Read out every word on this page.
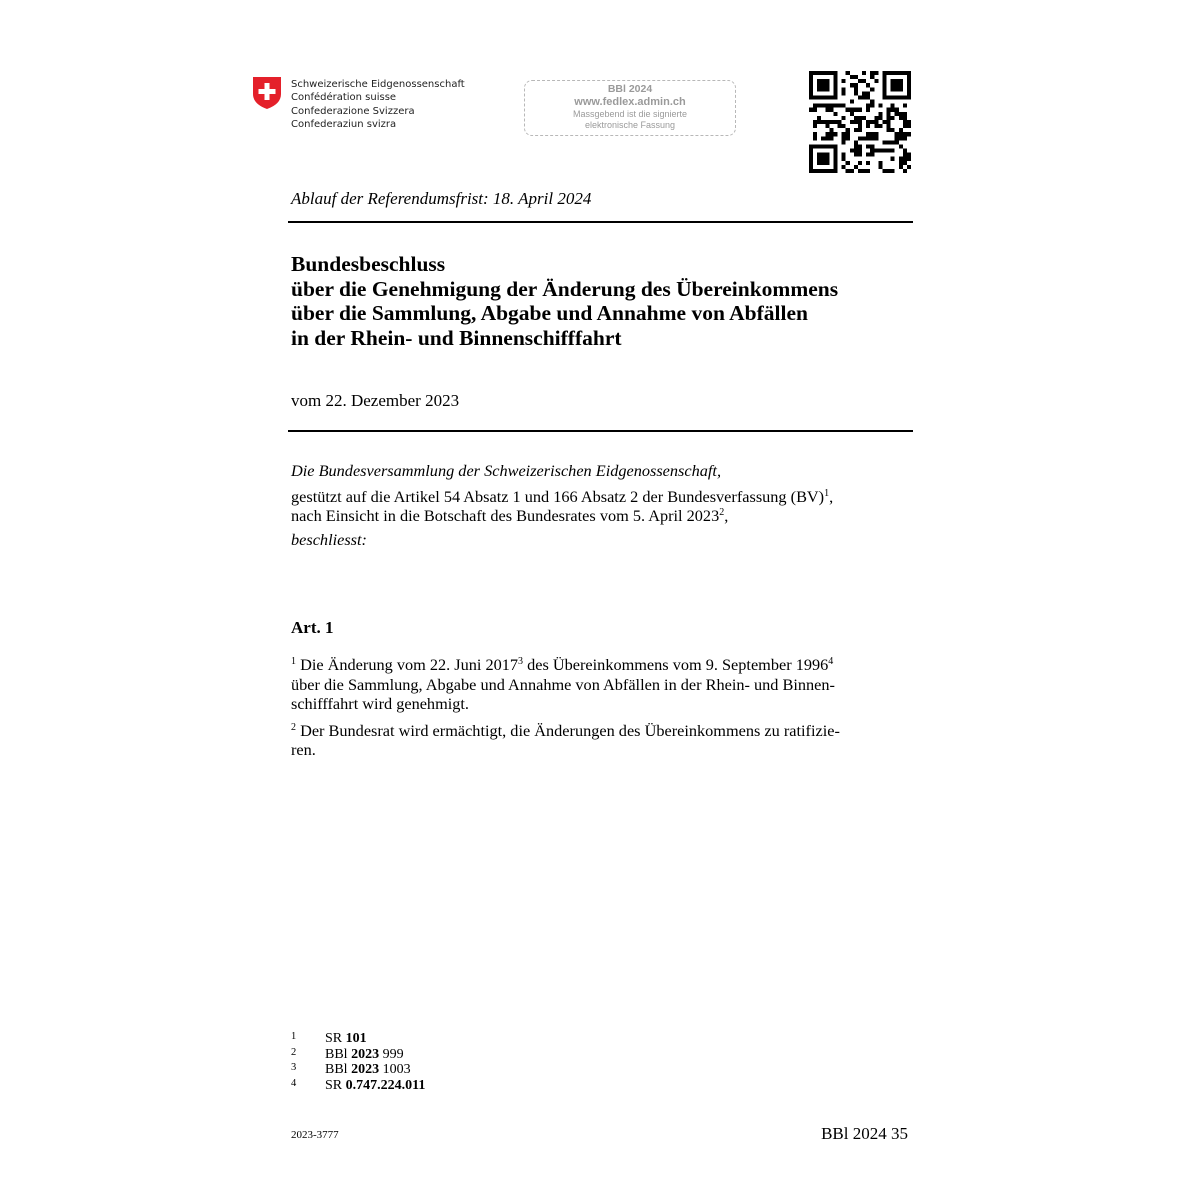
Schweizerische Eidgenossenschaft
Confédération suisse
Confederazione Svizzera
Confederaziun svizra
BBl 2024
www.fedlex.admin.ch
Massgebend ist die signierte
elektronische Fassung
Ablauf der Referendumsfrist: 18. April 2024
Bundesbeschluss
über die Genehmigung der Änderung des Übereinkommens
über die Sammlung, Abgabe und Annahme von Abfällen
in der Rhein- und Binnenschifffahrt
vom 22. Dezember 2023
Die Bundesversammlung der Schweizerischen Eidgenossenschaft,
gestützt auf die Artikel 54 Absatz 1 und 166 Absatz 2 der Bundesverfassung (BV)$^1$,
nach Einsicht in die Botschaft des Bundesrates vom 5. April 2023$^2$,
beschliesst:
Art. 1

$^1$ Die Änderung vom 22. Juni 2017$^3$ des Übereinkommens vom 9. September 1996$^4$
über die Sammlung, Abgabe und Annahme von Abfällen in der Rhein- und Binnen-
schifffahrt wird genehmigt.

$^2$ Der Bundesrat wird ermächtigt, die Änderungen des Übereinkommens zu ratifizie-
ren.

1	SR 101
2	BBl 2023 999
3	BBl 2023 1003
4	SR 0.747.224.011
2023-3777	BBl 2024 35
